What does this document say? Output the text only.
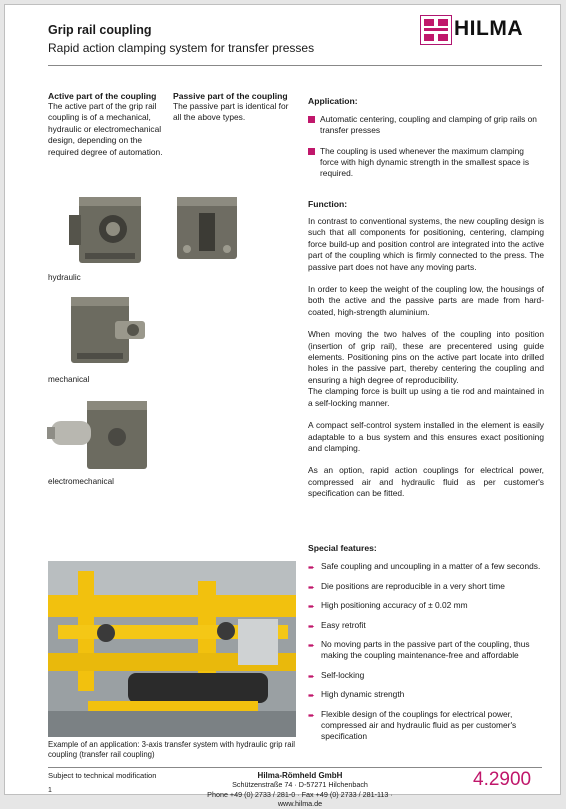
Grip rail coupling
Rapid action clamping system for transfer presses
HILMA
Active part of the coupling
The active part of the grip rail coupling is of a mechanical, hydraulic or electromechanical design, depending on the required degree of automation.
Passive part of the coupling
The passive part is identical for all the above types.
hydraulic
mechanical
electromechanical
Example of an application: 3-axis transfer system with hydraulic grip rail coupling (transfer rail coupling)
Application:
Automatic centering, coupling and clamping of grip rails on transfer presses
The coupling is used whenever the maximum clamping force with high dynamic strength in the smallest space is required.
Function:
In contrast to conventional systems, the new coupling design is such that all components for positioning, centering, clamping force build-up and position control are integrated into the active part of the coupling which is firmly connected to the press. The passive part does not have any moving parts.
In order to keep the weight of the coupling low, the housings of both the active and the passive parts are made from hard-coated, high-strength aluminium.
When moving the two halves of the coupling into position (insertion of grip rail), these are precentered using guide elements. Positioning pins on the active part locate into drilled holes in the passive part, thereby centering the coupling and ensuring a high degree of reproducibility.
The clamping force is built up using a tie rod and maintained in a self-locking manner.
A compact self-control system installed in the element is easily adaptable to a bus system and this ensures exact positioning and clamping.
As an option, rapid action couplings for electrical power, compressed air and hydraulic fluid as per customer's specification can be fitted.
Special features:
➨ Safe coupling and uncoupling in a matter of a few seconds.
➨ Die positions are reproducible in a very short time
➨ High positioning accuracy of ± 0.02 mm
➨ Easy retrofit
➨ No moving parts in the passive part of the coupling, thus making the coupling maintenance-free and affordable
➨ Self-locking
➨ High dynamic strength
➨ Flexible design of the couplings for electrical power, compressed air and hydraulic fluid as per customer's specification
Subject to technical modification	Hilma-Römheld GmbH
Schützenstraße 74 · D-57271 Hilchenbach
Phone +49 (0) 2733 / 281-0 · Fax +49 (0) 2733 / 281-113 · www.hilma.de
4.2900
1
